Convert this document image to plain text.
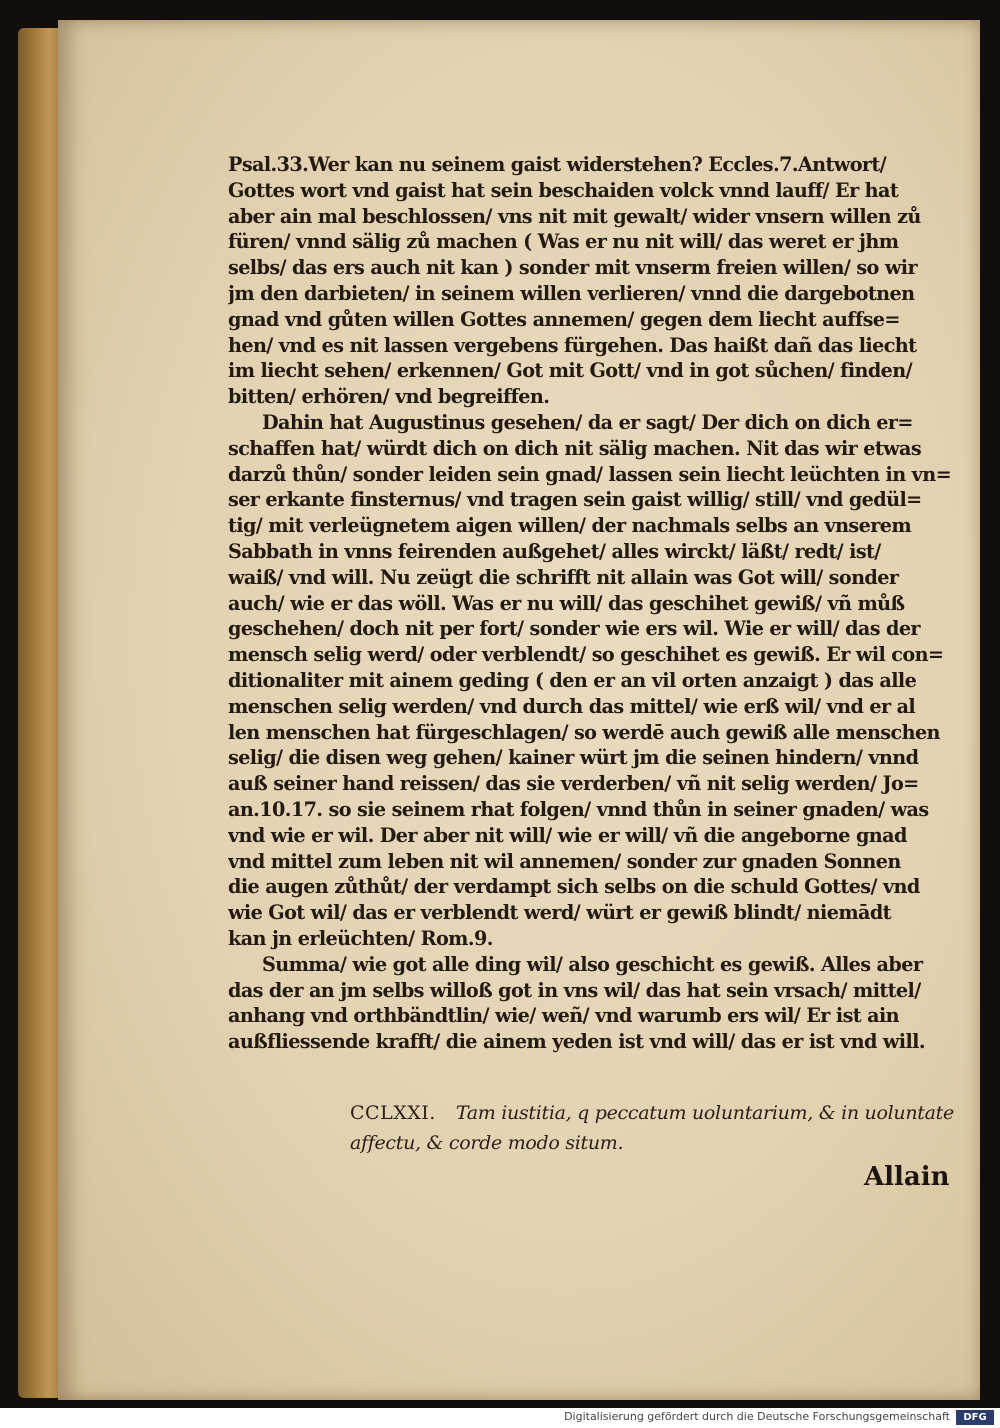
Psal.33.Wer kan nu seinem gaist widerstehen? Eccles.7.Antwort/
Gottes wort vnd gaist hat sein beschaiden volck vnnd lauff/ Er hat
aber ain mal beschlossen/ vns nit mit gewalt/ wider vnsern willen zů
füren/ vnnd sälig zů machen ( Was er nu nit will/ das weret er jhm
selbs/ das ers auch nit kan ) sonder mit vnserm freien willen/ so wir
jm den darbieten/ in seinem willen verlieren/ vnnd die dargebotnen
gnad vnd gůten willen Gottes annemen/ gegen dem liecht auffse=
hen/ vnd es nit lassen vergebens fürgehen. Das haißt dañ das liecht
im liecht sehen/ erkennen/ Got mit Gott/ vnd in got sůchen/ finden/
bitten/ erhören/ vnd begreiffen.
Dahin hat Augustinus gesehen/ da er sagt/ Der dich on dich er=
schaffen hat/ würdt dich on dich nit sälig machen. Nit das wir etwas
darzů thůn/ sonder leiden sein gnad/ lassen sein liecht leüchten in vn=
ser erkante finsternus/ vnd tragen sein gaist willig/ still/ vnd gedül=
tig/ mit verleügnetem aigen willen/ der nachmals selbs an vnserem
Sabbath in vnns feirenden außgehet/ alles wirckt/ läßt/ redt/ ist/
waiß/ vnd will. Nu zeügt die schrifft nit allain was Got will/ sonder
auch/ wie er das wöll. Was er nu will/ das geschihet gewiß/ vñ můß
geschehen/ doch nit per fort/ sonder wie ers wil. Wie er will/ das der
mensch selig werd/ oder verblendt/ so geschihet es gewiß. Er wil con=
ditionaliter mit ainem geding ( den er an vil orten anzaigt ) das alle
menschen selig werden/ vnd durch das mittel/ wie erß wil/ vnd er al
len menschen hat fürgeschlagen/ so werdē auch gewiß alle menschen
selig/ die disen weg gehen/ kainer würt jm die seinen hindern/ vnnd
auß seiner hand reissen/ das sie verderben/ vñ nit selig werden/ Jo=
an.10.17. so sie seinem rhat folgen/ vnnd thůn in seiner gnaden/ was
vnd wie er wil. Der aber nit will/ wie er will/ vñ die angeborne gnad
vnd mittel zum leben nit wil annemen/ sonder zur gnaden Sonnen
die augen zůthůt/ der verdampt sich selbs on die schuld Gottes/ vnd
wie Got wil/ das er verblendt werd/ würt er gewiß blindt/ niemādt
kan jn erleüchten/ Rom.9.
Summa/ wie got alle ding wil/ also geschicht es gewiß. Alles aber
das der an jm selbs willoß got in vns wil/ das hat sein vrsach/ mittel/
anhang vnd orthbändtlin/ wie/ weñ/ vnd warumb ers wil/ Er ist ain
außfliessende krafft/ die ainem yeden ist vnd will/ das er ist vnd will.
CCLXXI. Tam iustitia, q peccatum uoluntarium, & in uoluntate
affectu, & corde modo situm.
Allain
Digitalisierung gefördert durch die Deutsche Forschungsgemeinschaft	DFG
